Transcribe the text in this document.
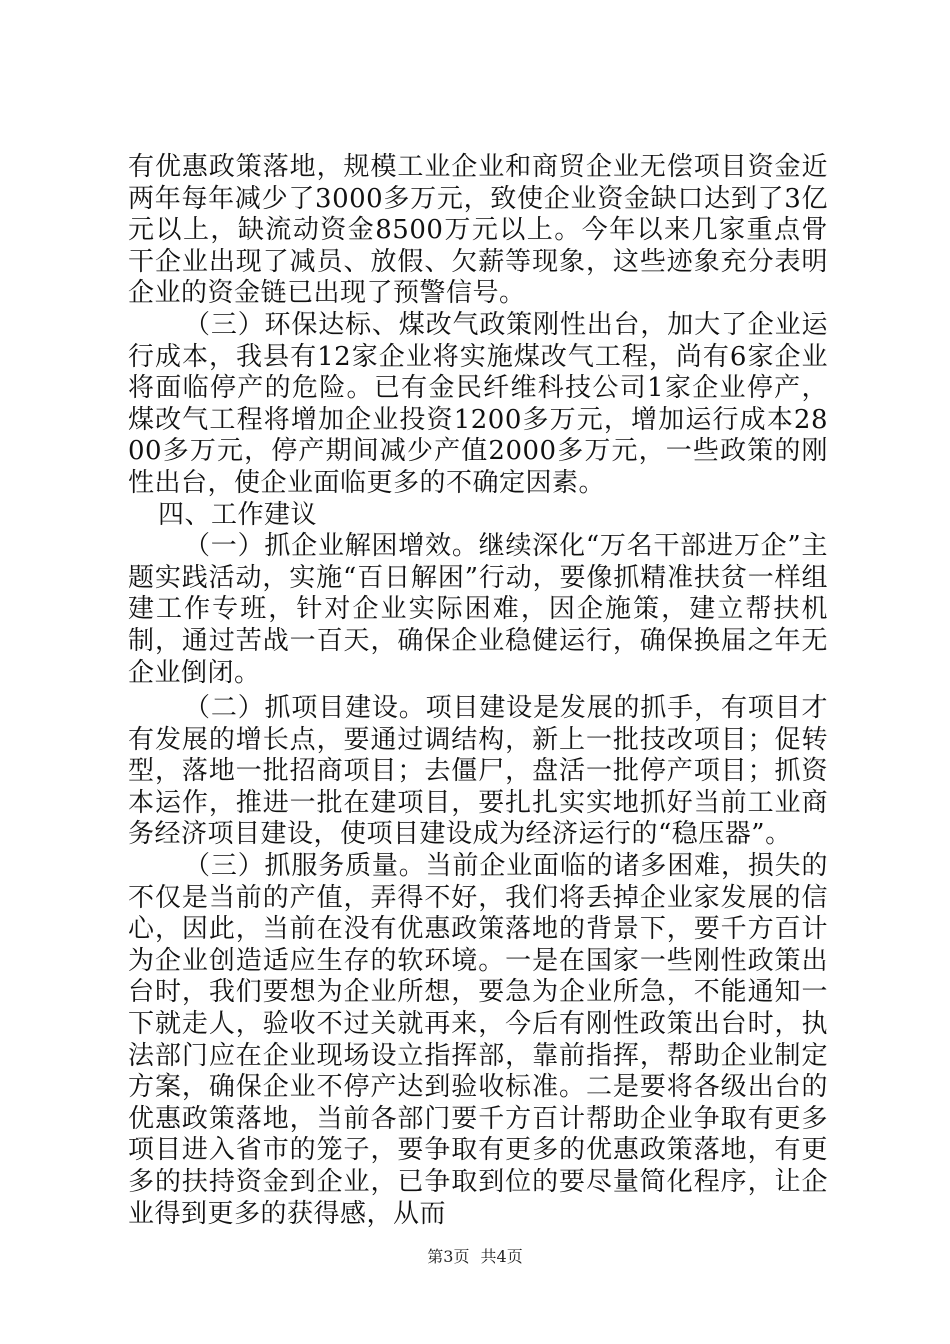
有优惠政策落地，规模工业企业和商贸企业无偿项目资金近两年每年减少了3000多万元，致使企业资金缺口达到了3亿元以上，缺流动资金8500万元以上。今年以来几家重点骨干企业出现了减员、放假、欠薪等现象，这些迹象充分表明企业的资金链已出现了预警信号。

（三）环保达标、煤改气政策刚性出台，加大了企业运行成本，我县有12家企业将实施煤改气工程，尚有6家企业将面临停产的危险。已有金民纤维科技公司1家企业停产，煤改气工程将增加企业投资1200多万元，增加运行成本2800多万元，停产期间减少产值2000多万元，一些政策的刚性出台，使企业面临更多的不确定因素。

四、工作建议

（一）抓企业解困增效。继续深化“万名干部进万企”主题实践活动，实施“百日解困”行动，要像抓精准扶贫一样组建工作专班，针对企业实际困难，因企施策，建立帮扶机制，通过苦战一百天，确保企业稳健运行，确保换届之年无企业倒闭。

（二）抓项目建设。项目建设是发展的抓手，有项目才有发展的增长点，要通过调结构，新上一批技改项目；促转型，落地一批招商项目；去僵尸，盘活一批停产项目；抓资本运作，推进一批在建项目，要扎扎实实地抓好当前工业商务经济项目建设，使项目建设成为经济运行的“稳压器”。

（三）抓服务质量。当前企业面临的诸多困难，损失的不仅是当前的产值，弄得不好，我们将丢掉企业家发展的信心，因此，当前在没有优惠政策落地的背景下，要千方百计为企业创造适应生存的软环境。一是在国家一些刚性政策出台时，我们要想为企业所想，要急为企业所急，不能通知一下就走人，验收不过关就再来，今后有刚性政策出台时，执法部门应在企业现场设立指挥部，靠前指挥，帮助企业制定方案，确保企业不停产达到验收标准。二是要将各级出台的优惠政策落地，当前各部门要千方百计帮助企业争取有更多项目进入省市的笼子，要争取有更多的优惠政策落地，有更多的扶持资金到企业，已争取到位的要尽量简化程序，让企业得到更多的获得感，从而

第3页 共4页
